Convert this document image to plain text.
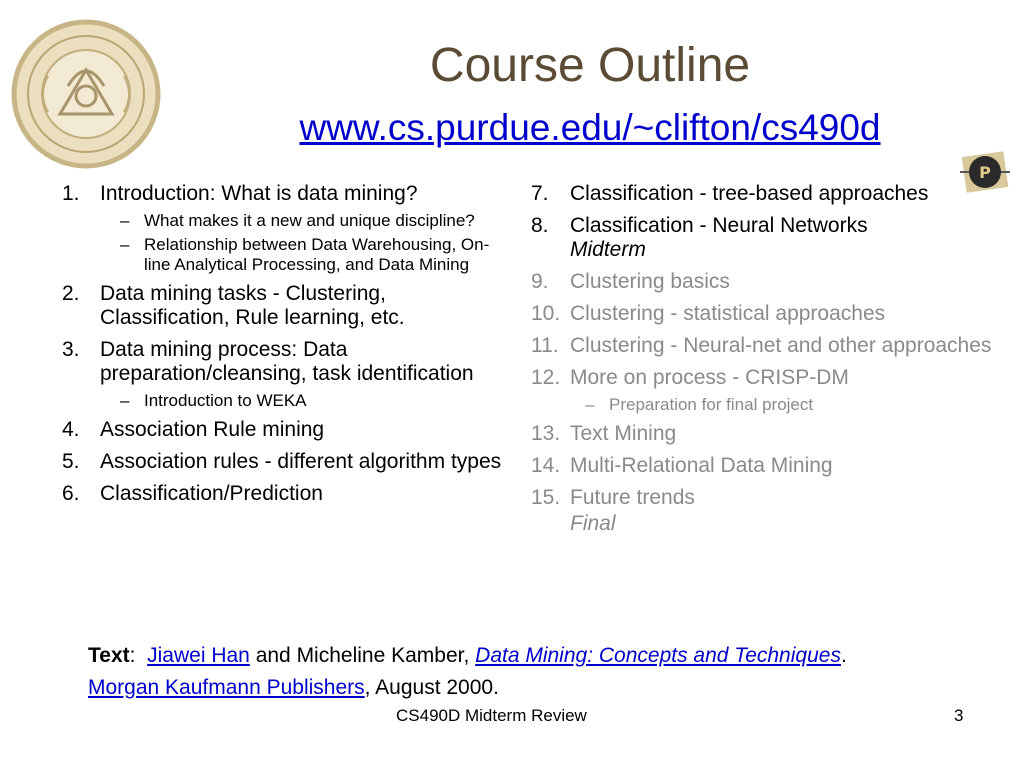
Course Outline
www.cs.purdue.edu/~clifton/cs490d
P
1. Introduction: What is data mining?
– What makes it a new and unique discipline?
– Relationship between Data Warehousing, On-line Analytical Processing, and Data Mining
2. Data mining tasks - Clustering, Classification, Rule learning, etc.
3. Data mining process: Data preparation/cleansing, task identification
– Introduction to WEKA
4. Association Rule mining
5. Association rules - different algorithm types
6. Classification/Prediction
7.	Classification - tree-based approaches
8.	Classification - Neural Networks
Midterm
9.	Clustering basics
10. Clustering - statistical approaches
11. Clustering - Neural-net and other approaches
12. More on process - CRISP-DM
– Preparation for final project
13. Text Mining
14. Multi-Relational Data Mining
15. Future trends
Final
Text: Jiawei Han and Micheline Kamber, Data Mining: Concepts and Techniques. Morgan Kaufmann Publishers, August 2000.
CS490D Midterm Review	3
